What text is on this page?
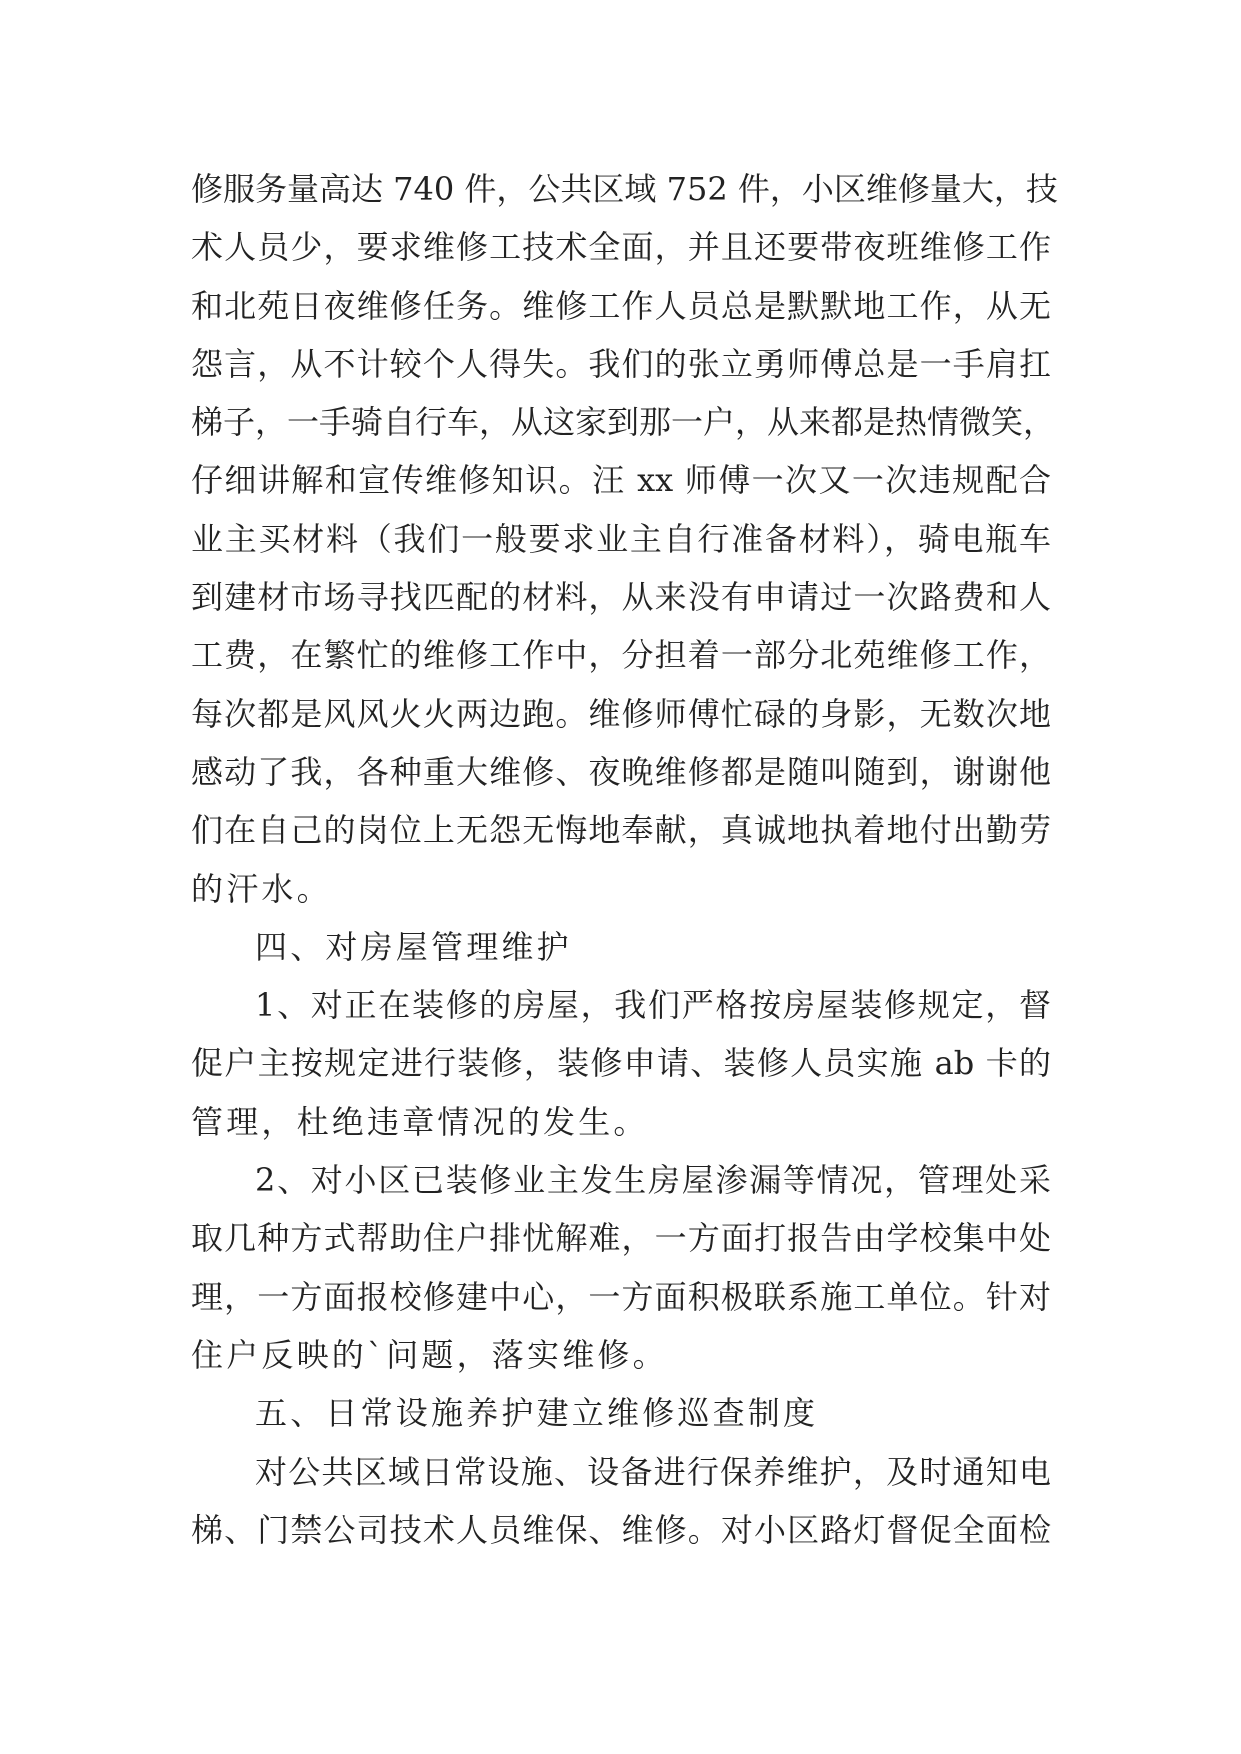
修服务量高达 740 件，公共区域 752 件，小区维修量大，技
术人员少，要求维修工技术全面，并且还要带夜班维修工作
和北苑日夜维修任务。维修工作人员总是默默地工作，从无
怨言，从不计较个人得失。我们的张立勇师傅总是一手肩扛
梯子，一手骑自行车，从这家到那一户，从来都是热情微笑，
仔细讲解和宣传维修知识。汪 xx 师傅一次又一次违规配合
业主买材料（我们一般要求业主自行准备材料），骑电瓶车
到建材市场寻找匹配的材料，从来没有申请过一次路费和人
工费，在繁忙的维修工作中，分担着一部分北苑维修工作，
每次都是风风火火两边跑。维修师傅忙碌的身影，无数次地
感动了我，各种重大维修、夜晚维修都是随叫随到，谢谢他
们在自己的岗位上无怨无悔地奉献，真诚地执着地付出勤劳
的汗水。
四、对房屋管理维护
1、对正在装修的房屋，我们严格按房屋装修规定，督
促户主按规定进行装修，装修申请、装修人员实施 ab 卡的
管理，杜绝违章情况的发生。
2、对小区已装修业主发生房屋渗漏等情况，管理处采
取几种方式帮助住户排忧解难，一方面打报告由学校集中处
理，一方面报校修建中心，一方面积极联系施工单位。针对
住户反映的`问题，落实维修。
五、日常设施养护建立维修巡查制度
对公共区域日常设施、设备进行保养维护，及时通知电
梯、门禁公司技术人员维保、维修。对小区路灯督促全面检
